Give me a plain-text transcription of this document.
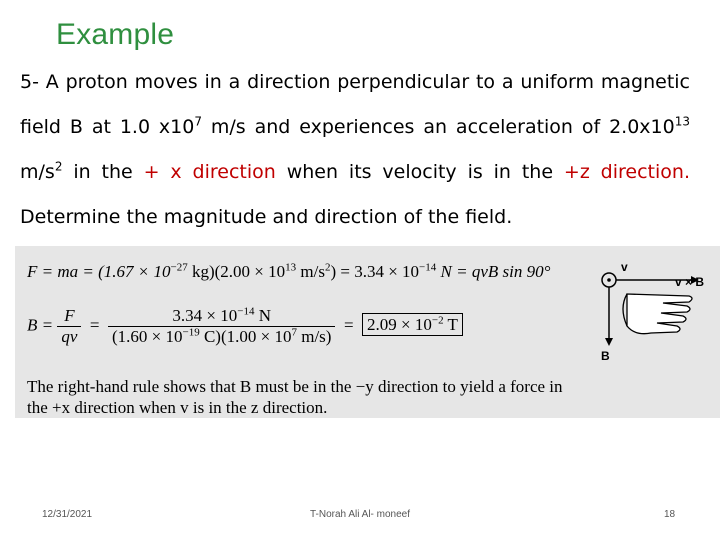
Example
5- A proton moves in a direction perpendicular to a uniform magnetic field B at 1.0 $x10^7$ m/s and experiences an acceleration of $2.0x10^{13}$ $m/s^2$ in the + x direction when its velocity is in the +z direction. Determine the magnitude and direction of the field.
F = ma = ($1.67 \times 10^{-27}$ $kg)(2.00 \times 10^{13}$ $m/s^2) = 3.34 \times 10^{-14}$ N = qvB sin 90°
$B = \frac{F}{qv} = \frac{3.34 \times 10^{-14} N}{(1.60 \times 10^{-19} C)(1.00 \times 10^7 m/s)} = 2.09 \times 10^{-2}$ T
The right-hand rule shows that B must be in the −y direction to yield a force in the +x direction when v is in the z direction.
v
v × B
B
12/31/2021	T-Norah Ali Al- moneef	18
